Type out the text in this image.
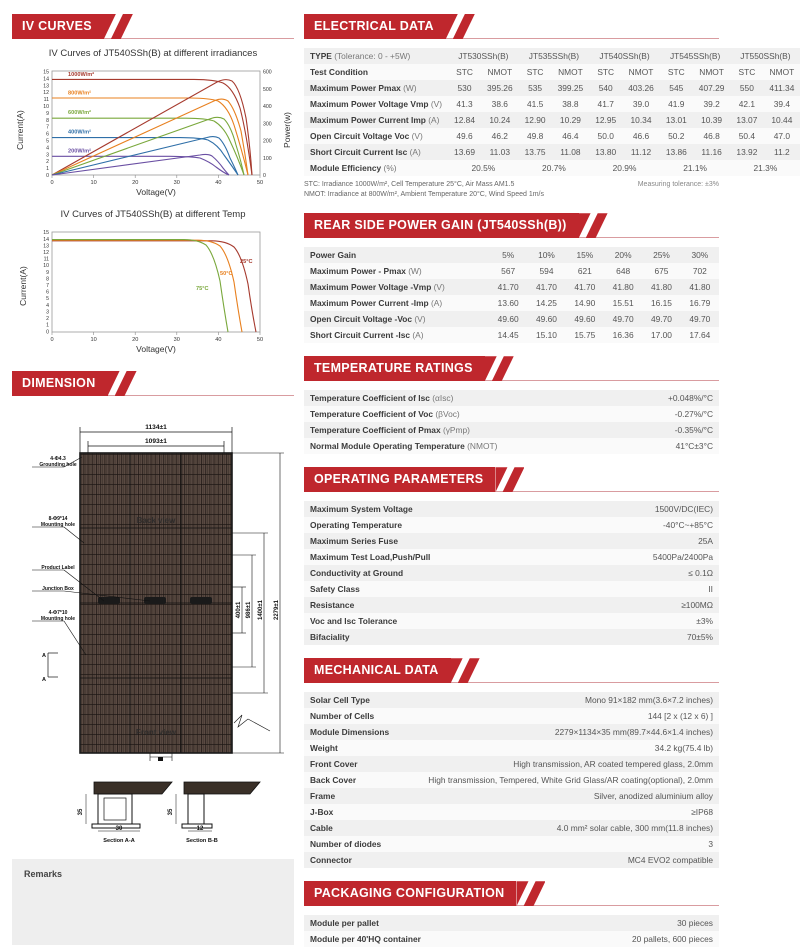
IV CURVES
IV Curves of JT540SSh(B) at different irradiances
Current(A)	Power(w)
15
14
13
12
11
10
9
8
7
6
5
4
3
2
1
0
600
500
400
300
200
100
0
0	10	20	30	40	50
1000W/m²
800W/m²
600W/m²
400W/m²
200W/m²
Voltage(V)
IV Curves of JT540SSh(B) at different Temp
Current(A)
15
14
13
12
11
10
9
8
7
6
5
4
3
2
1
0
0	10	20	30	40	50
25°C
50°C
75°C
Voltage(V)
DIMENSION
Back view
Front view
1134±1
1093±1
400±1 986±1 1400±1 2279±1
4-Φ4.3
Grounding hole
8-Φ9*14
Mounting hole
Product Label
Junction Box
4-Φ7*10
Mounting hole
A
A

35
30
Section A-A
35
12
Section B-B
Remarks
ELECTRICAL DATA
TYPE (Tolerance: 0 - +5W)	JT530SSh(B)		JT535SSh(B)		JT540SSh(B)		JT545SSh(B)		JT550SSh(B)	
Test Condition	STC	NMOT	STC	NMOT	STC	NMOT	STC	NMOT	STC	NMOT
Maximum Power Pmax (W)	530	395.26	535	399.25	540	403.26	545	407.29	550	411.34
Maximum Power Voltage Vmp (V)	41.3	38.6	41.5	38.8	41.7	39.0	41.9	39.2	42.1	39.4
Maximum Power Current Imp (A)	12.84	10.24	12.90	10.29	12.95	10.34	13.01	10.39	13.07	10.44
Open Circuit Voltage Voc (V)	49.6	46.2	49.8	46.4	50.0	46.6	50.2	46.8	50.4	47.0
Short Circuit Current Isc (A)	13.69	11.03	13.75	11.08	13.80	11.12	13.86	11.16	13.92	11.2
Module Efficiency (%)	20.5%		20.7%		20.9%		21.1%		21.3%	
STC: Irradiance 1000W/m², Cell Temperature 25°C, Air Mass AM1.5
NMOT: Irradiance at 800W/m², Ambient Temperature 20°C, Wind Speed 1m/s
Measuring tolerance: ±3%
REAR SIDE POWER GAIN (JT540SSh(B))
Power Gain	5%	10%	15%	20%	25%	30%
Maximum Power - Pmax (W)	567	594	621	648	675	702
Maximum Power Voltage -Vmp (V)	41.70	41.70	41.70	41.80	41.80	41.80
Maximum Power Current -Imp (A)	13.60	14.25	14.90	15.51	16.15	16.79
Open Circuit Voltage -Voc (V)	49.60	49.60	49.60	49.70	49.70	49.70
Short Circuit Current -Isc (A)	14.45	15.10	15.75	16.36	17.00	17.64
TEMPERATURE RATINGS
Temperature Coefficient of Isc (αIsc)	+0.048%/°C
Temperature Coefficient of Voc (βVoc)	-0.27%/°C
Temperature Coefficient of Pmax (γPmp)	-0.35%/°C
Normal Module Operating Temperature (NMOT)	41°C±3°C
OPERATING PARAMETERS
Maximum System Voltage	1500V/DC(IEC)
Operating Temperature	-40°C~+85°C
Maximum Series Fuse	25A
Maximum Test Load,Push/Pull	5400Pa/2400Pa
Conductivity at Ground	≤ 0.1Ω
Safety Class	II
Resistance	≥100MΩ
Voc and Isc Tolerance	±3%
Bifaciality	70±5%
MECHANICAL DATA
Solar Cell Type	Mono 91×182 mm(3.6×7.2 inches)
Number of Cells	144 [2 x (12 x 6) ]
Module Dimensions	2279×1134×35 mm(89.7×44.6×1.4 inches)
Weight	34.2 kg(75.4 lb)
Front Cover	High transmission, AR coated tempered glass, 2.0mm
Back Cover	High transmission, Tempered, White Grid Glass/AR coating(optional), 2.0mm
Frame	Silver, anodized aluminium alloy
J-Box	≥IP68
Cable	4.0 mm² solar cable, 300 mm(11.8 inches)
Number of diodes	3
Connector	MC4 EVO2 compatible
PACKAGING CONFIGURATION
Module per pallet	30 pieces
Module per 40'HQ container	20 pallets, 600 pieces
